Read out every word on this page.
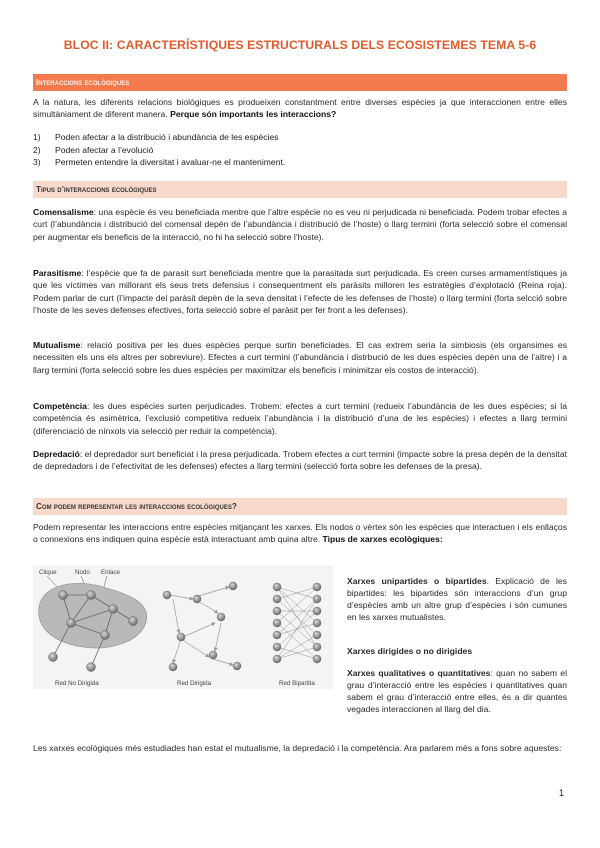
BLOC II: CARACTERÍSTIQUES ESTRUCTURALS DELS ECOSISTEMES TEMA 5-6
Interaccions ecològiques

A la natura, les diferents relacions biològiques es produeixen constantment entre diverses espècies ja que interaccionen entre elles simultàniament de diferent manera. Perque són importants les interaccions?

1) Poden afectar a la distribució i abundància de les espècies
2) Poden afectar a l’evolució
3) Permeten entendre la diversitat i avaluar-ne el manteniment.
Tipus d’interaccions ecològiques

Comensalisme: una espècie és veu beneficiada mentre que l’altre espècie no es veu ni perjudicada ni beneficiada. Podem trobar efectes a curt (l’abundància i distribució del comensal depèn de l’abundància i distribució de l’hoste) o llarg termini (forta selecció sobre el comensal per augmentar els beneficis de la interacció, no hi ha selecció sobre l’hoste).

Parasitisme: l’espècie que fa de parasit surt beneficiada mentre que la parasitada surt perjudicada. Es creen curses armamentístiques ja que les víctimes van millorant els seus trets defensius i consequentment els paràsits milloren les estratègies d’explotació (Reina roja). Podem parlar de curt (l’impacte del paràsit depèn de la seva densitat i l’efecte de les defenses de l’hoste) o llarg termini (forta selcció sobre l’hoste de les seves defenses efectives, forta selecció sobre el paràsit per fer front a les defenses).

Mutualisme: relació positiva per les dues espècies perque surtin beneficiades. El cas extrem seria la simbiosis (els organsimes es necessiten els uns els altres per sobreviure). Efectes a curt termini (l’abundància i distrbució de les dues espècies depèn una de l’altre) i a llarg termini (forta selecció sobre les dues espècies per maximitzar els beneficis i minimitzar els costos de interacció).

Competència: les dues espècies surten perjudicades. Trobem: efectes a curt termini (redueix l’abundància de les dues espècies; si la competència és asimètrica, l’exclusió competitiva redueix l’abundància i la distribució d’una de les espècies) i efectes a llarg termini (diferenciació de nínxols via selecció per reduir la competència).

Depredació: el depredador surt beneficiat i la presa perjudicada. Trobem efectes a curt termini (impacte sobre la presa depèn de la densitat de depredadors i de l’efectivitat de les defenses) efectes a llarg termini (selecció forta sobre les defenses de la presa).

Com podem representar les interaccions ecològiques?

Podem representar les interaccions entre espècies mitjançant les xarxes. Els nodos o vèrtex són les espècies que interactuen i els enllaços o connexions ens indiquen quina espècie està interactuant amb quina altre. Tipus de xarxes ecològiques:

Clique	Nodo Enlace
Red No Dirigida	Red Dirigida	Red Bipartita

Xarxes unipartides o bipartides. Explicació de les bipartides: les bipartides són interaccions d’un grup d’espècies amb un altre grup d’espècies i són cumunes en les xarxes mutualistes.

Xarxes dirigides o no dirigides

Xarxes qualitatives o quantitatives: quan no sabem el grau d’interacció entre les espècies i quantitatives quan sabem el grau d’interacció entre elles, és a dir quantes vegades interaccionen al llarg del dia.

Les xarxes ecològiques més estudiades han estat el mutualisme, la depredació i la competència. Ara parlarem més a fons sobre aquestes:

1
